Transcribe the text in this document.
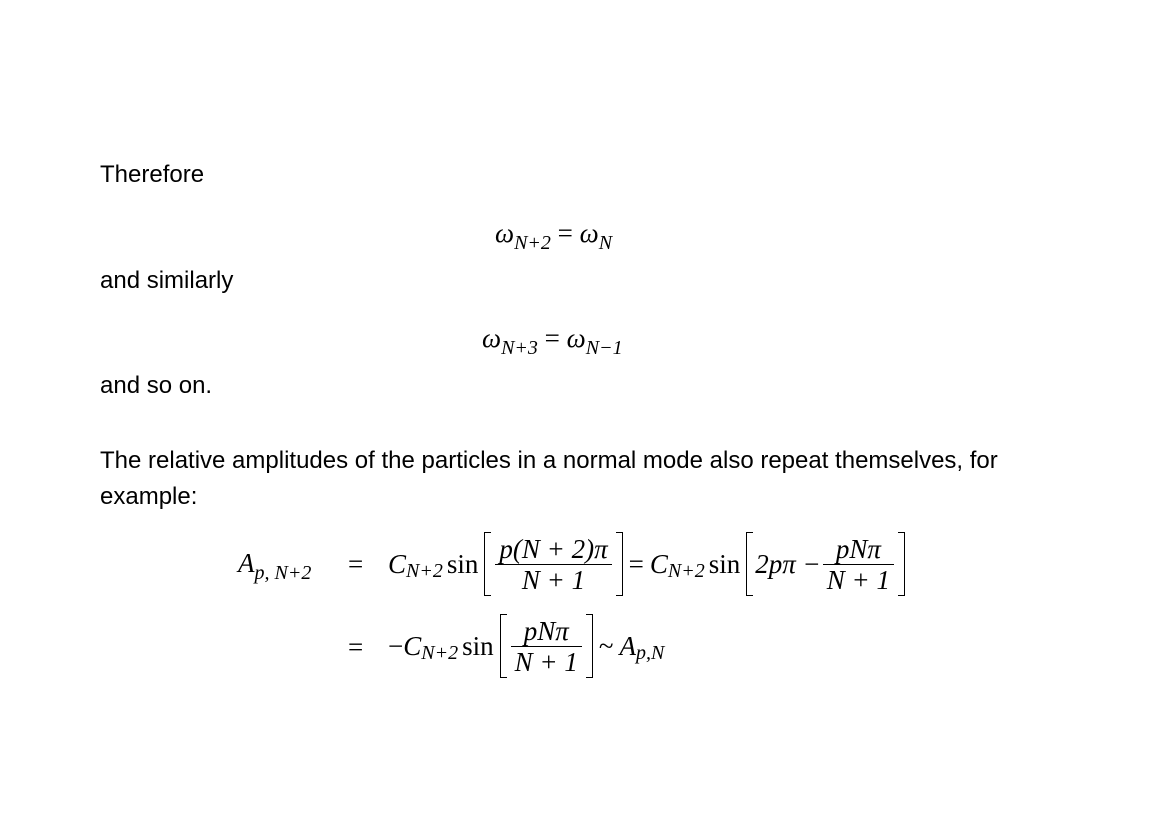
Therefore
$\omega_{N+2} = \omega_N$
and similarly
$\omega_{N+3} = \omega_{N-1}$
and so on.
The relative amplitudes of the particles in a normal mode also repeat themselves, for
example:
$A_{p, N+2} = C$ N+2 $\sin \frac{p(N + 2)\pi}{N + 1} = C$ N+2 $\sin 2p\pi - \frac{\text{pNπ}}{N + 1}$
= − C N+2 $\sin \frac{\text{pNπ}}{N + 1}$ ~ A p,N
